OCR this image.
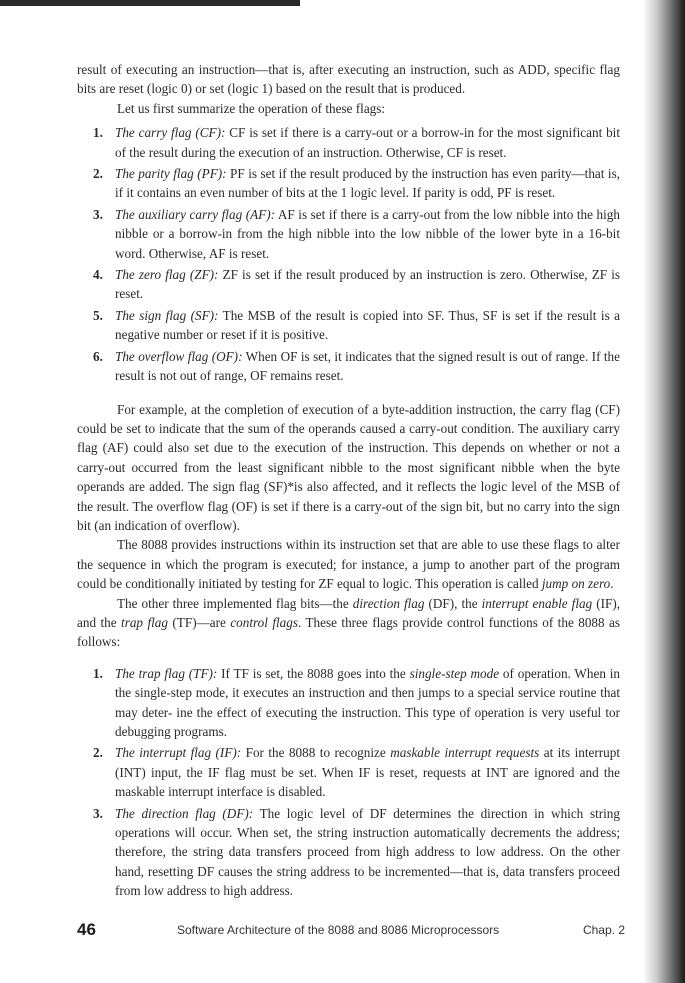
result of executing an instruction—that is, after executing an instruction, such as ADD, specific flag bits are reset (logic 0) or set (logic 1) based on the result that is produced.

Let us first summarize the operation of these flags:

1. The carry flag (CF): CF is set if there is a carry-out or a borrow-in for the most significant bit of the result during the execution of an instruction. Otherwise, CF is reset.
2. The parity flag (PF): PF is set if the result produced by the instruction has even parity—that is, if it contains an even number of bits at the 1 logic level. If parity is odd, PF is reset.
3. The auxiliary carry flag (AF): AF is set if there is a carry-out from the low nibble into the high nibble or a borrow-in from the high nibble into the low nibble of the lower byte in a 16-bit word. Otherwise, AF is reset.
4. The zero flag (ZF): ZF is set if the result produced by an instruction is zero. Otherwise, ZF is reset.
5. The sign flag (SF): The MSB of the result is copied into SF. Thus, SF is set if the result is a negative number or reset if it is positive.
6. The overflow flag (OF): When OF is set, it indicates that the signed result is out of range. If the result is not out of range, OF remains reset.

For example, at the completion of execution of a byte-addition instruction, the carry flag (CF) could be set to indicate that the sum of the operands caused a carry-out condition. The auxiliary carry flag (AF) could also set due to the execution of the instruction. This depends on whether or not a carry-out occurred from the least significant nibble to the most significant nibble when the byte operands are added. The sign flag (SF)*is also affected, and it reflects the logic level of the MSB of the result. The overflow flag (OF) is set if there is a carry-out of the sign bit, but no carry into the sign bit (an indication of overflow).

The 8088 provides instructions within its instruction set that are able to use these flags to alter the sequence in which the program is executed; for instance, a jump to another part of the program could be conditionally initiated by testing for ZF equal to logic. This operation is called jump on zero.

The other three implemented flag bits—the direction flag (DF), the interrupt enable flag (IF), and the trap flag (TF)—are control flags. These three flags provide control functions of the 8088 as follows:

1. The trap flag (TF): If TF is set, the 8088 goes into the single-step mode of operation. When in the single-step mode, it executes an instruction and then jumps to a special service routine that may deter- ine the effect of executing the instruction. This type of operation is very useful tor debugging programs.
2. The interrupt flag (IF): For the 8088 to recognize maskable interrupt requests at its interrupt (INT) input, the IF flag must be set. When IF is reset, requests at INT are ignored and the maskable interrupt interface is disabled.
3. The direction flag (DF): The logic level of DF determines the direction in which string operations will occur. When set, the string instruction automatically decrements the address; therefore, the string data transfers proceed from high address to low address. On the other hand, resetting DF causes the string address to be incremented—that is, data transfers proceed from low address to high address.
46	Software Architecture of the 8088 and 8086 Microprocessors	Chap. 2
